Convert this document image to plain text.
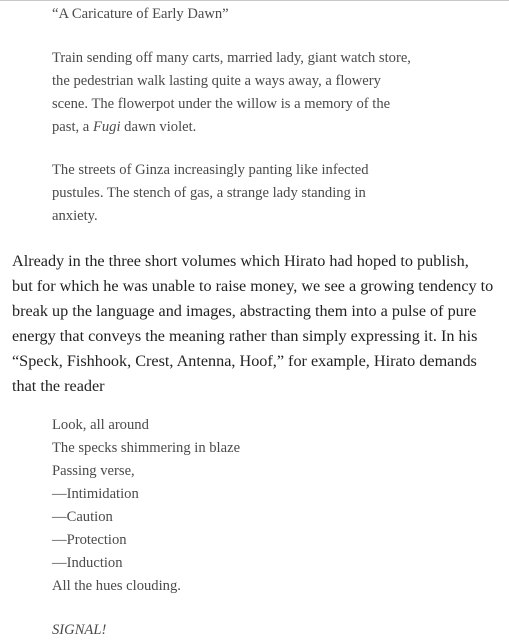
“A Caricature of Early Dawn”
Train sending off many carts, married lady, giant watch store,
the pedestrian walk lasting quite a ways away, a flowery
scene. The flowerpot under the willow is a memory of the
past, a Fugi dawn violet.
The streets of Ginza increasingly panting like infected
pustules. The stench of gas, a strange lady standing in
anxiety.
Already in the three short volumes which Hirato had hoped to publish,
but for which he was unable to raise money, we see a growing tendency to
break up the language and images, abstracting them into a pulse of pure
energy that conveys the meaning rather than simply expressing it. In his
“Speck, Fishhook, Crest, Antenna, Hoof,” for example, Hirato demands
that the reader
Look, all around
The specks shimmering in blaze
Passing verse,
—Intimidation
—Caution
—Protection
—Induction
All the hues clouding.
SIGNAL!
